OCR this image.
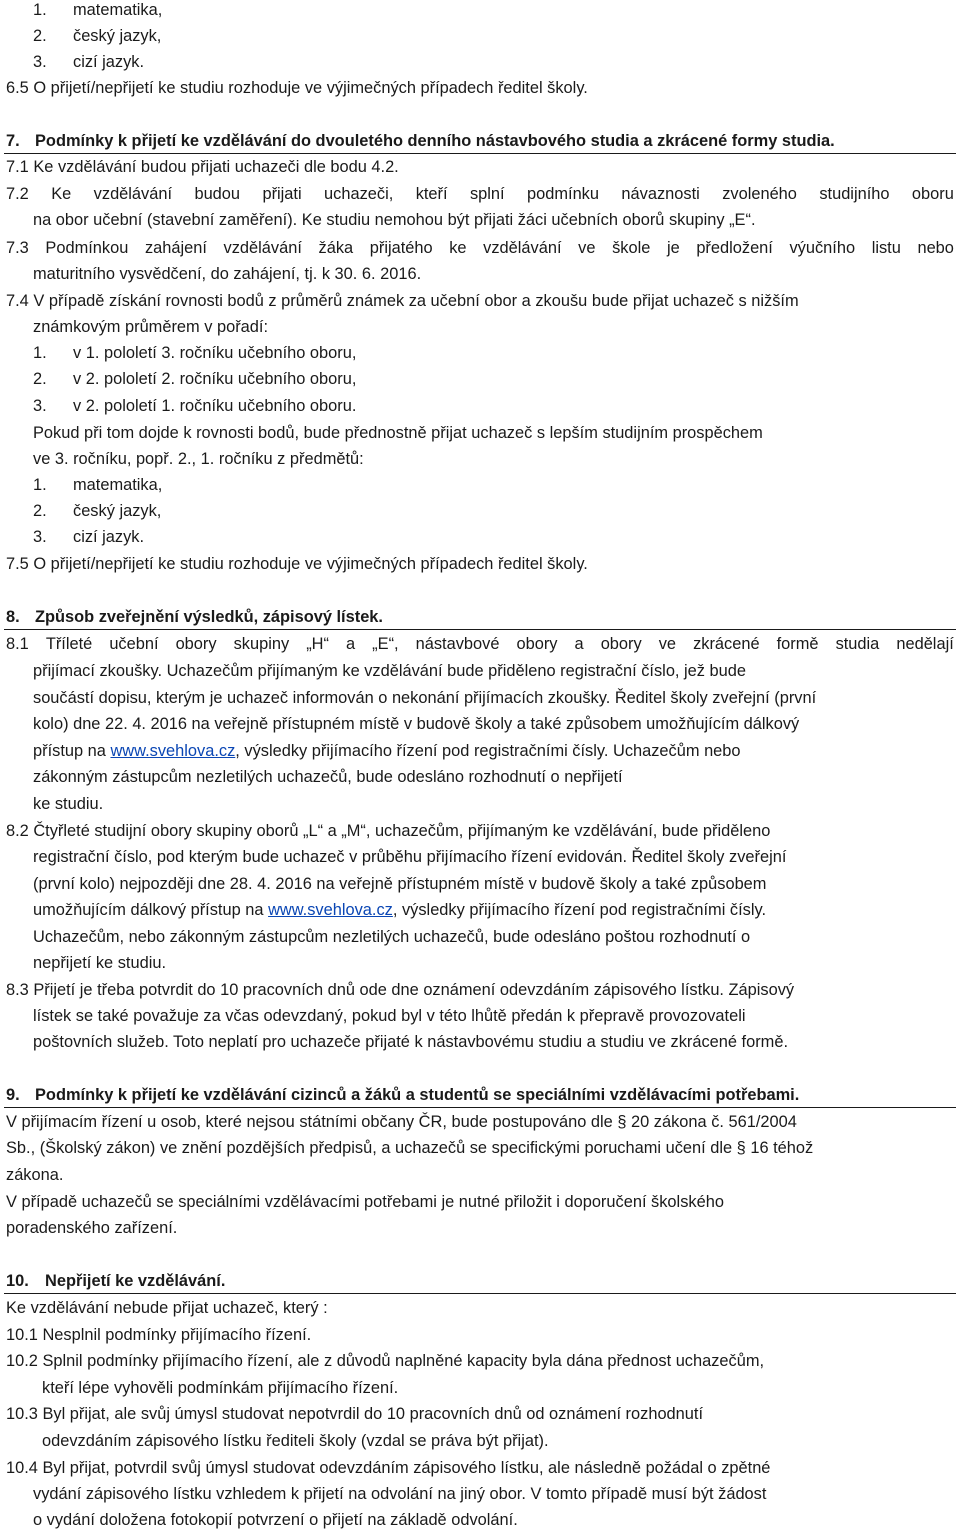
1. matematika,
2. český jazyk,
3. cizí jazyk.
6.5 O přijetí/nepřijetí ke studiu rozhoduje ve výjimečných případech ředitel školy.
7. Podmínky k přijetí ke vzdělávání do dvouletého denního nástavbového studia a zkrácené formy studia.
7.1 Ke vzdělávání budou přijati uchazeči dle bodu 4.2.
7.2 Ke vzdělávání budou přijati uchazeči, kteří splní podmínku návaznosti zvoleného studijního oboru
na obor učební (stavební zaměření). Ke studiu nemohou být přijati žáci učebních oborů skupiny „E“.
7.3 Podmínkou zahájení vzdělávání žáka přijatého ke vzdělávání ve škole je předložení výučního listu nebo
maturitního vysvědčení, do zahájení, tj. k 30. 6. 2016.
7.4 V případě získání rovnosti bodů z průměrů známek za učební obor a zkoušu bude přijat uchazeč s nižším
známkovým průměrem v pořadí:
1. v 1. pololetí 3. ročníku učebního oboru,
2. v 2. pololetí 2. ročníku učebního oboru,
3. v 2. pololetí 1. ročníku učebního oboru.
Pokud při tom dojde k rovnosti bodů, bude přednostně přijat uchazeč s lepším studijním prospěchem
ve 3. ročníku, popř. 2., 1. ročníku z předmětů:
1. matematika,
2. český jazyk,
3. cizí jazyk.
7.5 O přijetí/nepřijetí ke studiu rozhoduje ve výjimečných případech ředitel školy.
8. Způsob zveřejnění výsledků, zápisový lístek.
8.1 Tříleté učební obory skupiny „H“ a „E“, nástavbové obory a obory ve zkrácené formě studia nedělají
přijímací zkoušky. Uchazečům přijímaným ke vzdělávání bude přiděleno registrační číslo, jež bude
součástí dopisu, kterým je uchazeč informován o nekonání přijímacích zkoušky. Ředitel školy zveřejní (první
kolo) dne 22. 4. 2016 na veřejně přístupném místě v budově školy a také způsobem umožňujícím dálkový
přístup na www.svehlova.cz, výsledky přijímacího řízení pod registračními čísly. Uchazečům nebo
zákonným zástupcům nezletilých uchazečů, bude odesláno rozhodnutí o nepřijetí
ke studiu.
8.2 Čtyřleté studijní obory skupiny oborů „L“ a „M“, uchazečům, přijímaným ke vzdělávání, bude přiděleno
registrační číslo, pod kterým bude uchazeč v průběhu přijímacího řízení evidován. Ředitel školy zveřejní
(první kolo) nejpozději dne 28. 4. 2016 na veřejně přístupném místě v budově školy a také způsobem
umožňujícím dálkový přístup na www.svehlova.cz, výsledky přijímacího řízení pod registračními čísly.
Uchazečům, nebo zákonným zástupcům nezletilých uchazečů, bude odesláno poštou rozhodnutí o
nepřijetí ke studiu.
8.3 Přijetí je třeba potvrdit do 10 pracovních dnů ode dne oznámení odevzdáním zápisového lístku. Zápisový
lístek se také považuje za včas odevzdaný, pokud byl v této lhůtě předán k přepravě provozovateli
poštovních služeb. Toto neplatí pro uchazeče přijaté k nástavbovému studiu a studiu ve zkrácené formě.
9. Podmínky k přijetí ke vzdělávání cizinců a žáků a studentů se speciálními vzdělávacími potřebami.
V přijímacím řízení u osob, které nejsou státními občany ČR, bude postupováno dle § 20 zákona č. 561/2004
Sb., (Školský zákon) ve znění pozdějších předpisů, a uchazečů se specifickými poruchami učení dle § 16 téhož
zákona.
V případě uchazečů se speciálními vzdělávacími potřebami je nutné přiložit i doporučení školského
poradenského zařízení.
10. Nepřijetí ke vzdělávání.
Ke vzdělávání nebude přijat uchazeč, který :
10.1 Nesplnil podmínky přijímacího řízení.
10.2 Splnil podmínky přijímacího řízení, ale z důvodů naplněné kapacity byla dána přednost uchazečům,
kteří lépe vyhověli podmínkám přijímacího řízení.
10.3 Byl přijat, ale svůj úmysl studovat nepotvrdil do 10 pracovních dnů od oznámení rozhodnutí
odevzdáním zápisového lístku řediteli školy (vzdal se práva být přijat).
10.4 Byl přijat, potvrdil svůj úmysl studovat odevzdáním zápisového lístku, ale následně požádal o zpětné
vydání zápisového lístku vzhledem k přijetí na odvolání na jiný obor. V tomto případě musí být žádost
o vydání doložena fotokopií potvrzení o přijetí na základě odvolání.
